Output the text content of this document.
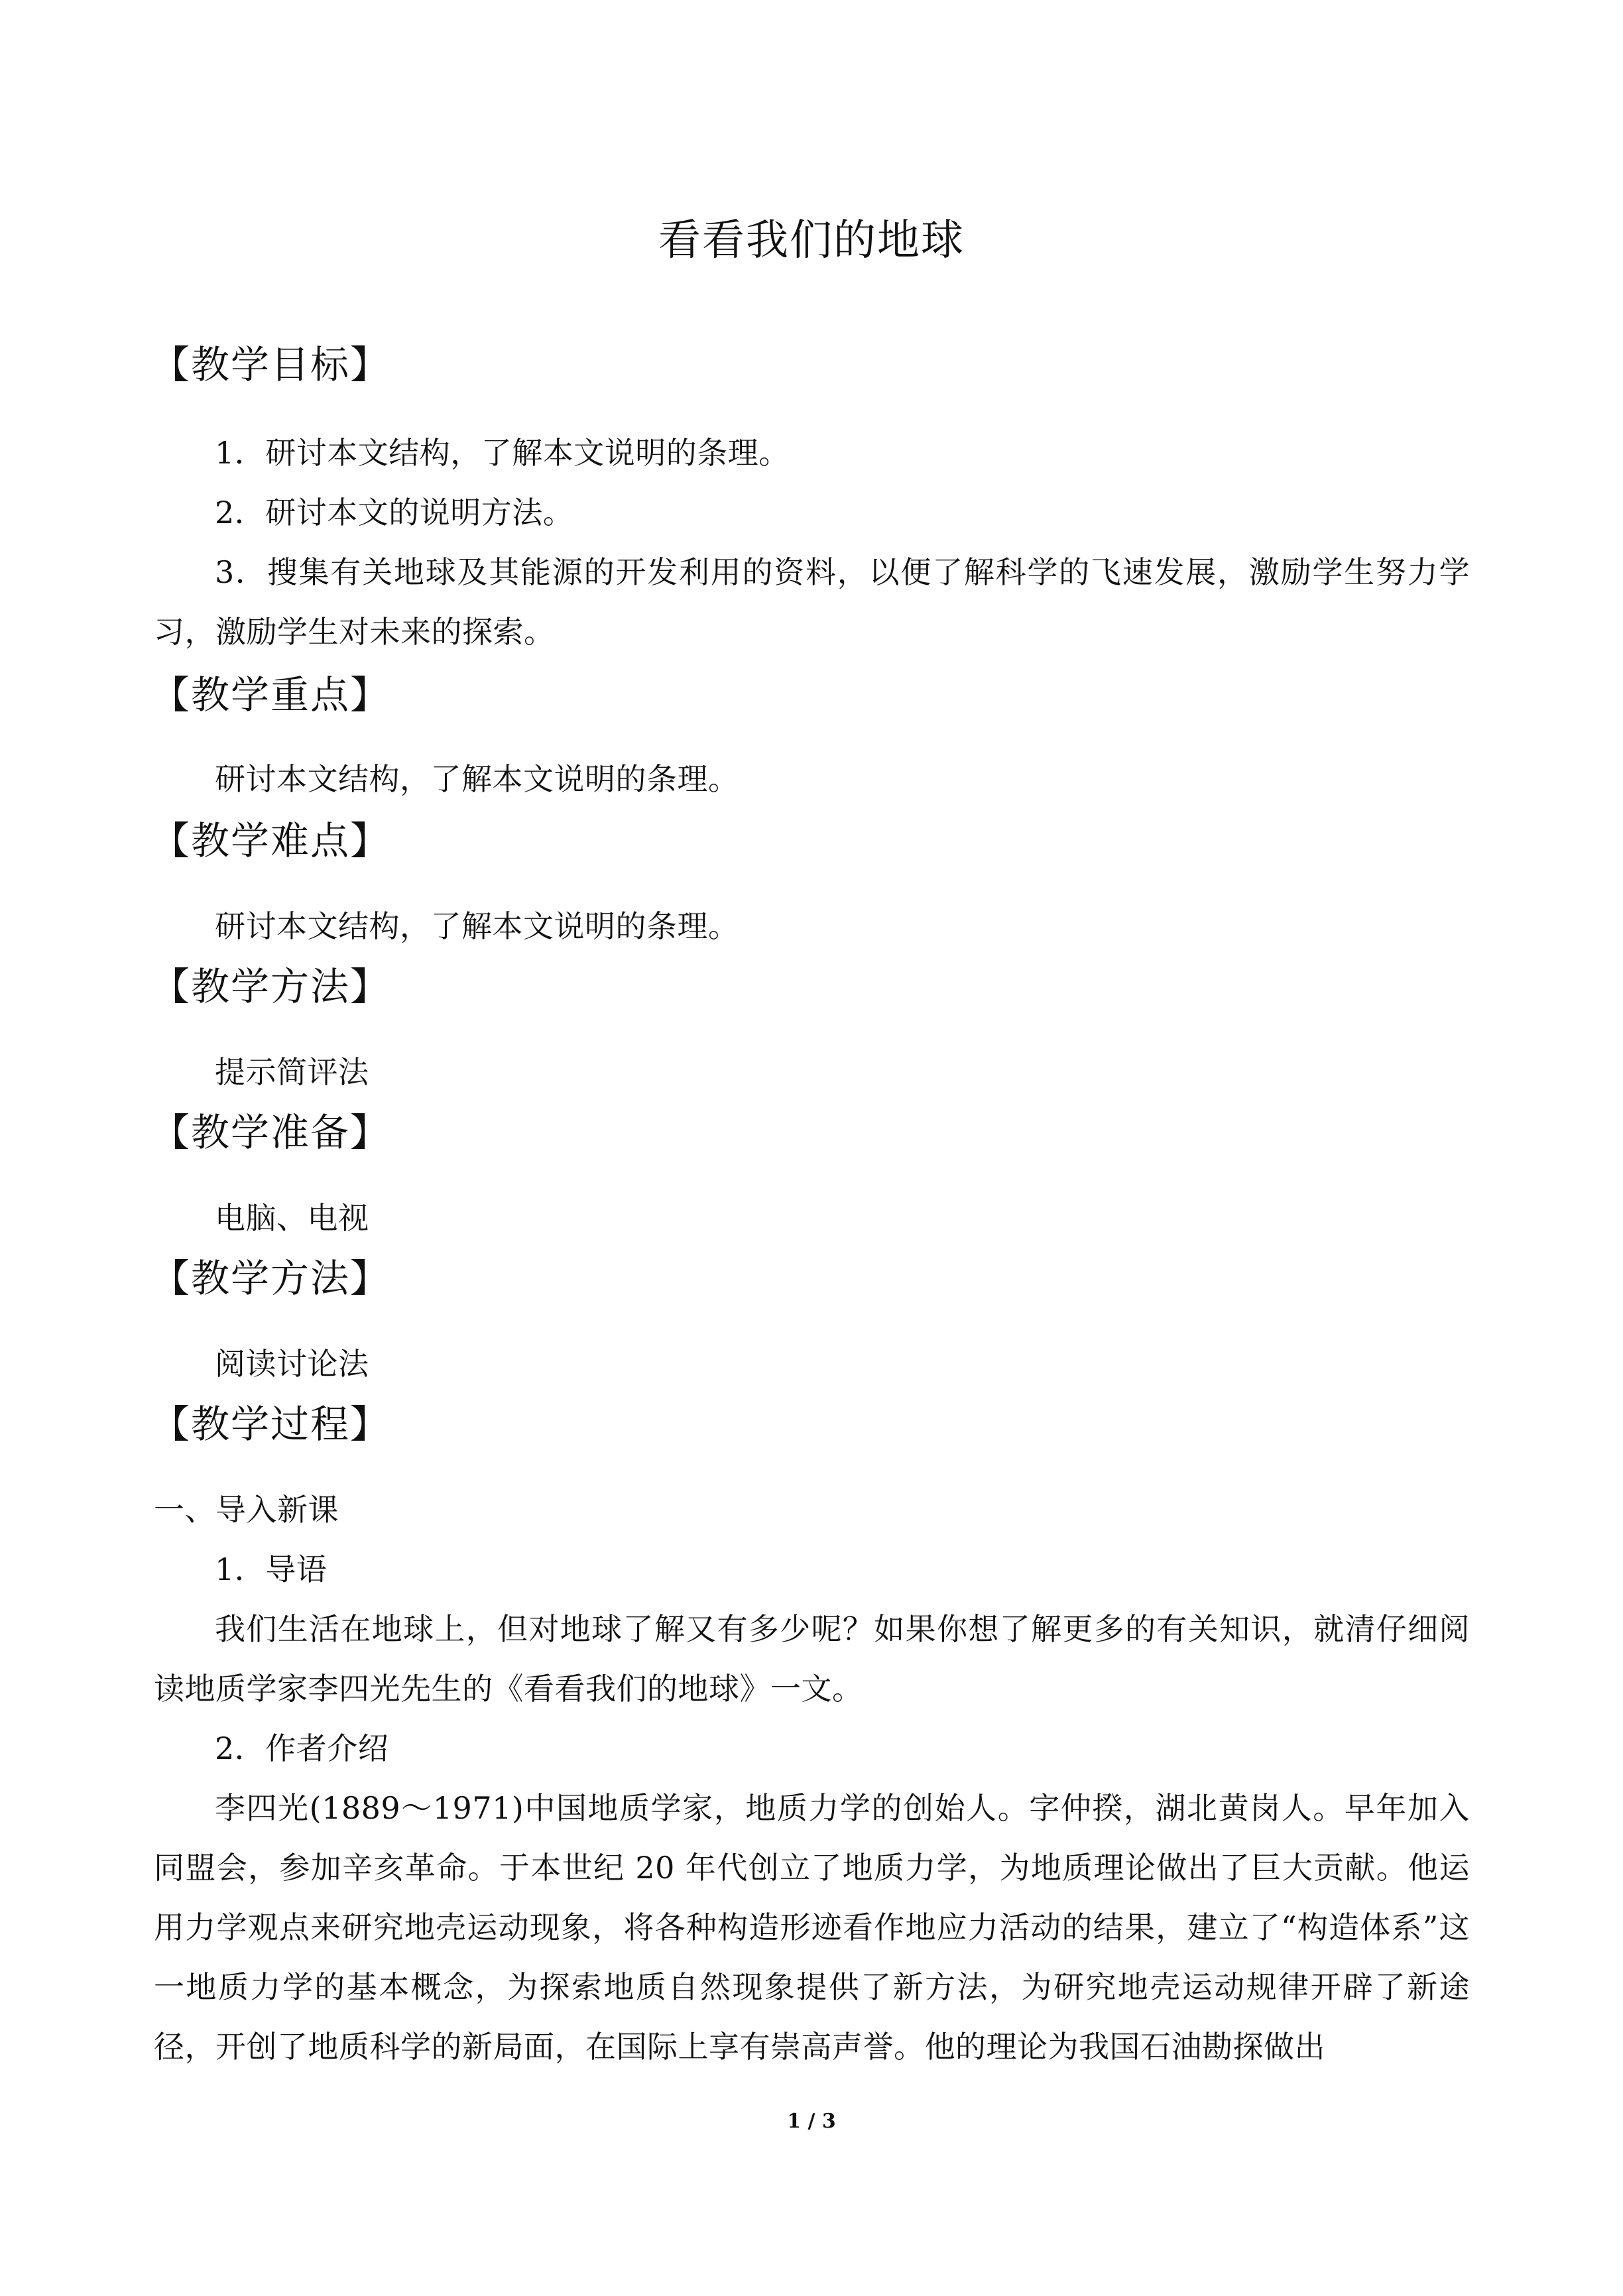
看看我们的地球
【教学目标】
1．研讨本文结构，了解本文说明的条理。
2．研讨本文的说明方法。
3．搜集有关地球及其能源的开发利用的资料，以便了解科学的飞速发展，激励学生努力学习，激励学生对未来的探索。
【教学重点】
研讨本文结构，了解本文说明的条理。
【教学难点】
研讨本文结构，了解本文说明的条理。
【教学方法】
提示简评法
【教学准备】
电脑、电视
【教学方法】
阅读讨论法
【教学过程】
一、导入新课
1．导语
我们生活在地球上，但对地球了解又有多少呢？如果你想了解更多的有关知识，就清仔细阅读地质学家李四光先生的《看看我们的地球》一文。
2．作者介绍
李四光(1889～1971)中国地质学家，地质力学的创始人。字仲揆，湖北黄岗人。早年加入同盟会，参加辛亥革命。于本世纪 20 年代创立了地质力学，为地质理论做出了巨大贡献。他运用力学观点来研究地壳运动现象，将各种构造形迹看作地应力活动的结果，建立了“构造体系”这一地质力学的基本概念，为探索地质自然现象提供了新方法，为研究地壳运动规律开辟了新途径，开创了地质科学的新局面，在国际上享有崇高声誉。他的理论为我国石油勘探做出
1 / 3
